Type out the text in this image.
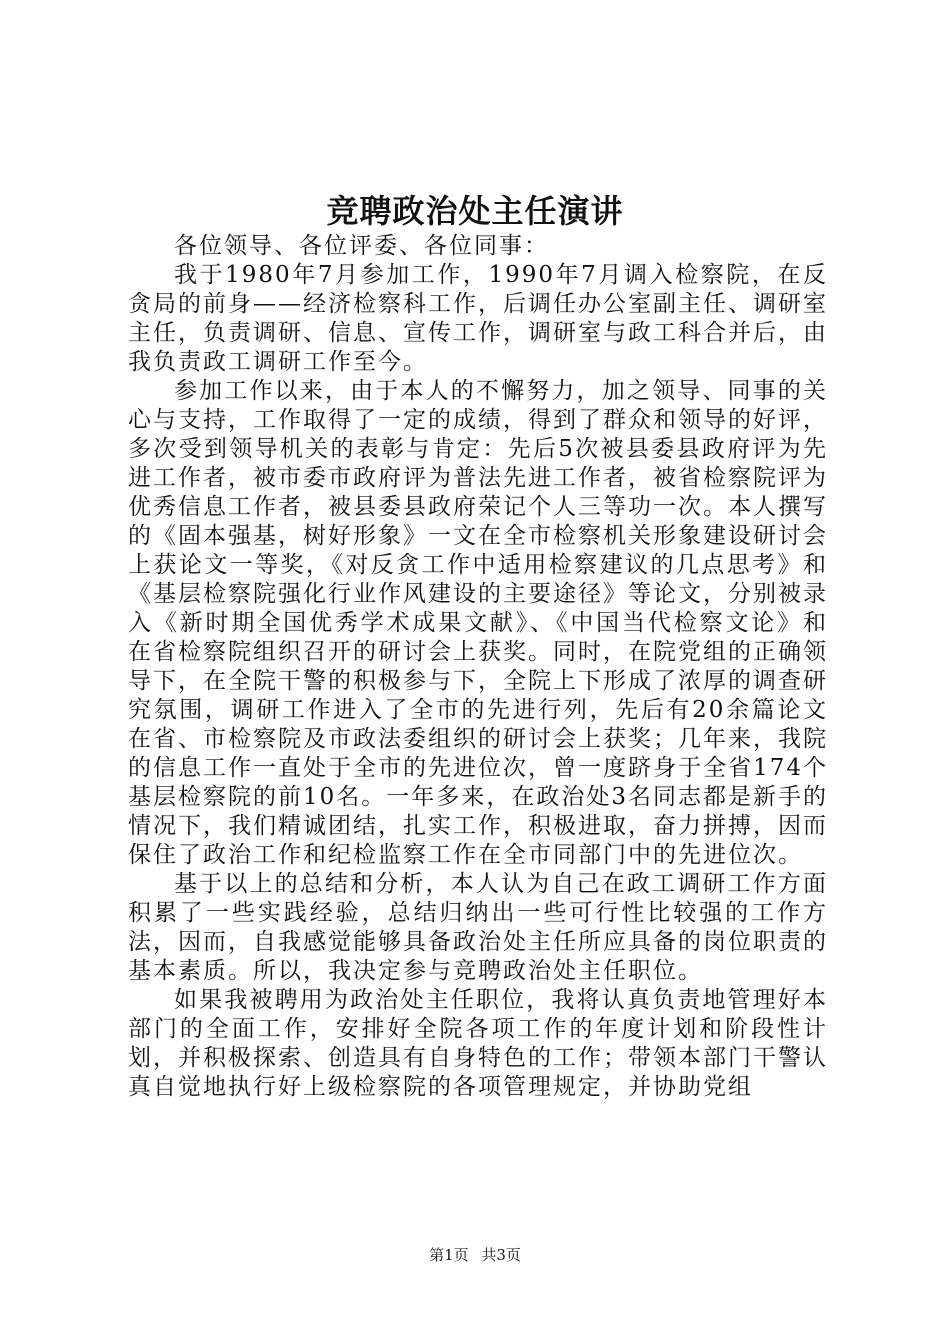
竞聘政治处主任演讲

各位领导、各位评委、各位同事：

我于1980年7月参加工作，1990年7月调入检察院，在反贪局的前身——经济检察科工作，后调任办公室副主任、调研室主任，负责调研、信息、宣传工作，调研室与政工科合并后，由我负责政工调研工作至今。

参加工作以来，由于本人的不懈努力，加之领导、同事的关心与支持，工作取得了一定的成绩，得到了群众和领导的好评，多次受到领导机关的表彰与肯定：先后5次被县委县政府评为先进工作者，被市委市政府评为普法先进工作者，被省检察院评为优秀信息工作者，被县委县政府荣记个人三等功一次。本人撰写的《固本强基，树好形象》一文在全市检察机关形象建设研讨会上获论文一等奖，《对反贪工作中适用检察建议的几点思考》和《基层检察院强化行业作风建设的主要途径》等论文，分别被录入《新时期全国优秀学术成果文献》、《中国当代检察文论》和在省检察院组织召开的研讨会上获奖。同时，在院党组的正确领导下，在全院干警的积极参与下，全院上下形成了浓厚的调查研究氛围，调研工作进入了全市的先进行列，先后有20余篇论文在省、市检察院及市政法委组织的研讨会上获奖；几年来，我院的信息工作一直处于全市的先进位次，曾一度跻身于全省174个基层检察院的前10名。一年多来，在政治处3名同志都是新手的情况下，我们精诚团结，扎实工作，积极进取，奋力拼搏，因而保住了政治工作和纪检监察工作在全市同部门中的先进位次。

基于以上的总结和分析，本人认为自己在政工调研工作方面积累了一些实践经验，总结归纳出一些可行性比较强的工作方法，因而，自我感觉能够具备政治处主任所应具备的岗位职责的基本素质。所以，我决定参与竞聘政治处主任职位。

如果我被聘用为政治处主任职位，我将认真负责地管理好本部门的全面工作，安排好全院各项工作的年度计划和阶段性计划，并积极探索、创造具有自身特色的工作；带领本部门干警认真自觉地执行好上级检察院的各项管理规定，并协助党组

第1页 共3页
